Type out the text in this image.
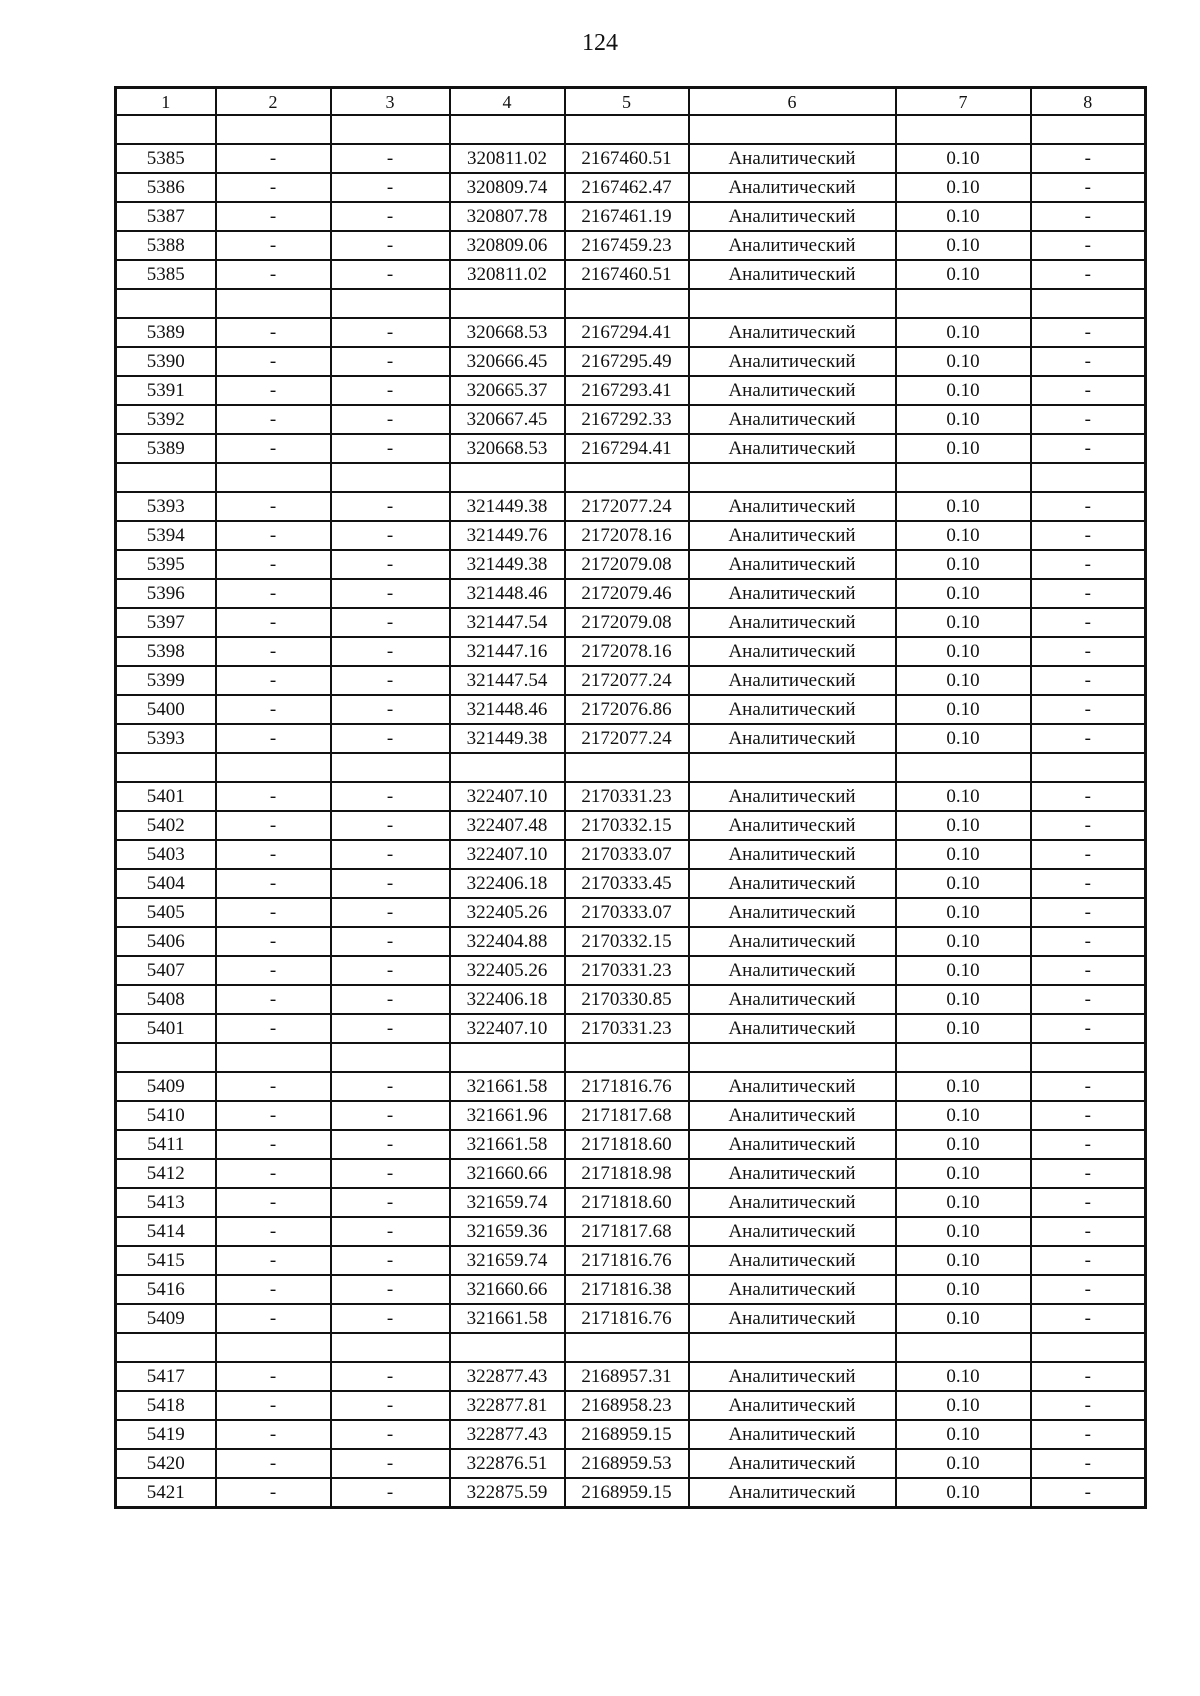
124
1	2	3	4	5	6	7	8

5385	-	-	320811.02	2167460.51	Аналитический	0.10	-
5386	-	-	320809.74	2167462.47	Аналитический	0.10	-
5387	-	-	320807.78	2167461.19	Аналитический	0.10	-
5388	-	-	320809.06	2167459.23	Аналитический	0.10	-
5385	-	-	320811.02	2167460.51	Аналитический	0.10	-

5389	-	-	320668.53	2167294.41	Аналитический	0.10	-
5390	-	-	320666.45	2167295.49	Аналитический	0.10	-
5391	-	-	320665.37	2167293.41	Аналитический	0.10	-
5392	-	-	320667.45	2167292.33	Аналитический	0.10	-
5389	-	-	320668.53	2167294.41	Аналитический	0.10	-

5393	-	-	321449.38	2172077.24	Аналитический	0.10	-
5394	-	-	321449.76	2172078.16	Аналитический	0.10	-
5395	-	-	321449.38	2172079.08	Аналитический	0.10	-
5396	-	-	321448.46	2172079.46	Аналитический	0.10	-
5397	-	-	321447.54	2172079.08	Аналитический	0.10	-
5398	-	-	321447.16	2172078.16	Аналитический	0.10	-
5399	-	-	321447.54	2172077.24	Аналитический	0.10	-
5400	-	-	321448.46	2172076.86	Аналитический	0.10	-
5393	-	-	321449.38	2172077.24	Аналитический	0.10	-

5401	-	-	322407.10	2170331.23	Аналитический	0.10	-
5402	-	-	322407.48	2170332.15	Аналитический	0.10	-
5403	-	-	322407.10	2170333.07	Аналитический	0.10	-
5404	-	-	322406.18	2170333.45	Аналитический	0.10	-
5405	-	-	322405.26	2170333.07	Аналитический	0.10	-
5406	-	-	322404.88	2170332.15	Аналитический	0.10	-
5407	-	-	322405.26	2170331.23	Аналитический	0.10	-
5408	-	-	322406.18	2170330.85	Аналитический	0.10	-
5401	-	-	322407.10	2170331.23	Аналитический	0.10	-

5409	-	-	321661.58	2171816.76	Аналитический	0.10	-
5410	-	-	321661.96	2171817.68	Аналитический	0.10	-
5411	-	-	321661.58	2171818.60	Аналитический	0.10	-
5412	-	-	321660.66	2171818.98	Аналитический	0.10	-
5413	-	-	321659.74	2171818.60	Аналитический	0.10	-
5414	-	-	321659.36	2171817.68	Аналитический	0.10	-
5415	-	-	321659.74	2171816.76	Аналитический	0.10	-
5416	-	-	321660.66	2171816.38	Аналитический	0.10	-
5409	-	-	321661.58	2171816.76	Аналитический	0.10	-

5417	-	-	322877.43	2168957.31	Аналитический	0.10	-
5418	-	-	322877.81	2168958.23	Аналитический	0.10	-
5419	-	-	322877.43	2168959.15	Аналитический	0.10	-
5420	-	-	322876.51	2168959.53	Аналитический	0.10	-
5421	-	-	322875.59	2168959.15	Аналитический	0.10	-
